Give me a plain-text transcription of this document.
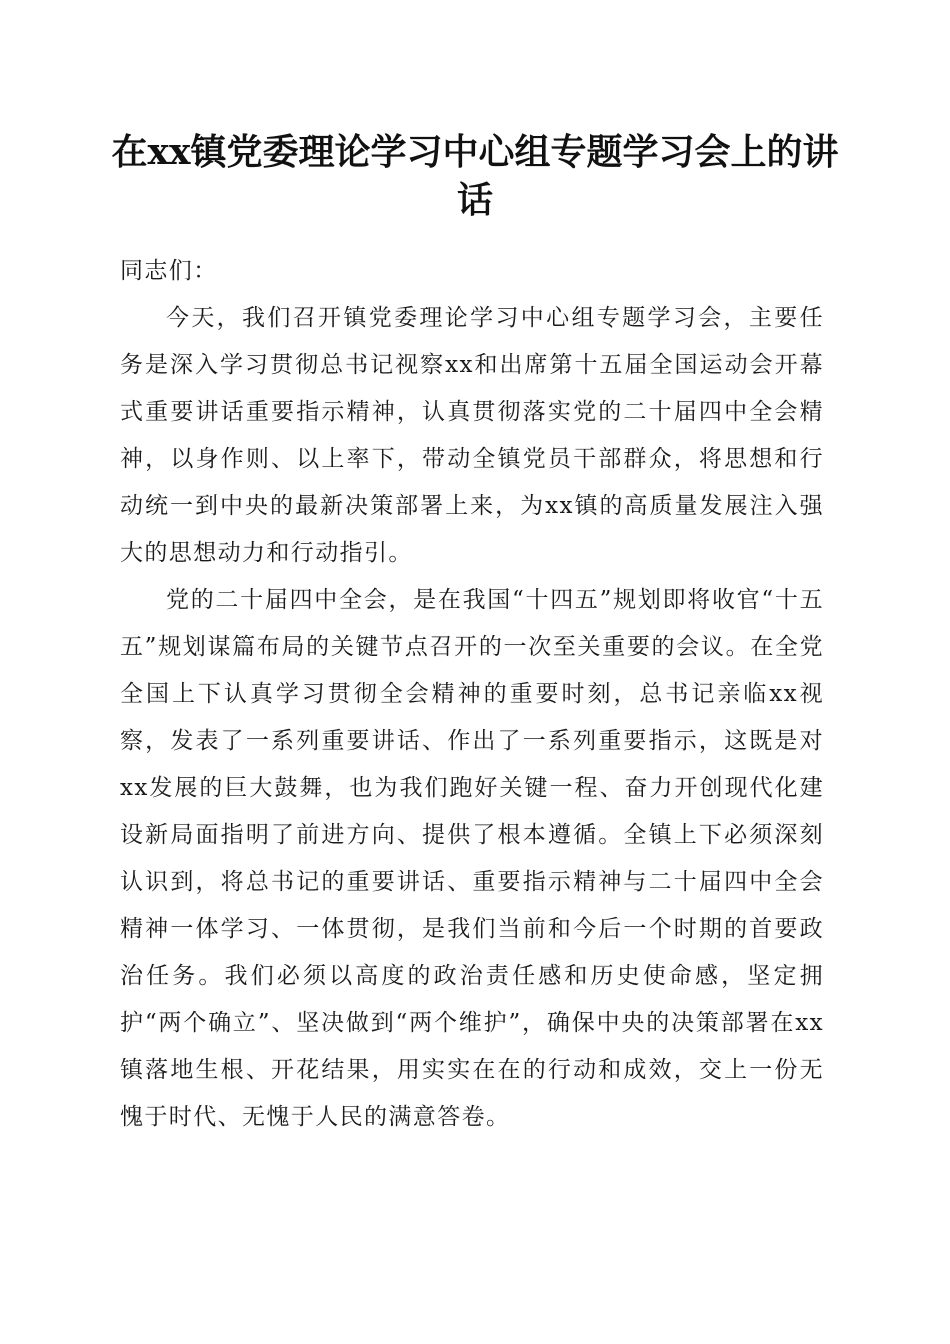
在xx镇党委理论学习中心组专题学习会上的讲话

同志们：

今天，我们召开镇党委理论学习中心组专题学习会，主要任务是深入学习贯彻总书记视察xx和出席第十五届全国运动会开幕式重要讲话重要指示精神，认真贯彻落实党的二十届四中全会精神，以身作则、以上率下，带动全镇党员干部群众，将思想和行动统一到中央的最新决策部署上来，为xx镇的高质量发展注入强大的思想动力和行动指引。

党的二十届四中全会，是在我国“十四五”规划即将收官“十五五”规划谋篇布局的关键节点召开的一次至关重要的会议。在全党全国上下认真学习贯彻全会精神的重要时刻，总书记亲临xx视察，发表了一系列重要讲话、作出了一系列重要指示，这既是对xx发展的巨大鼓舞，也为我们跑好关键一程、奋力开创现代化建设新局面指明了前进方向、提供了根本遵循。全镇上下必须深刻认识到，将总书记的重要讲话、重要指示精神与二十届四中全会精神一体学习、一体贯彻，是我们当前和今后一个时期的首要政治任务。我们必须以高度的政治责任感和历史使命感，坚定拥护“两个确立”、坚决做到“两个维护”，确保中央的决策部署在xx镇落地生根、开花结果，用实实在在的行动和成效，交上一份无愧于时代、无愧于人民的满意答卷。
